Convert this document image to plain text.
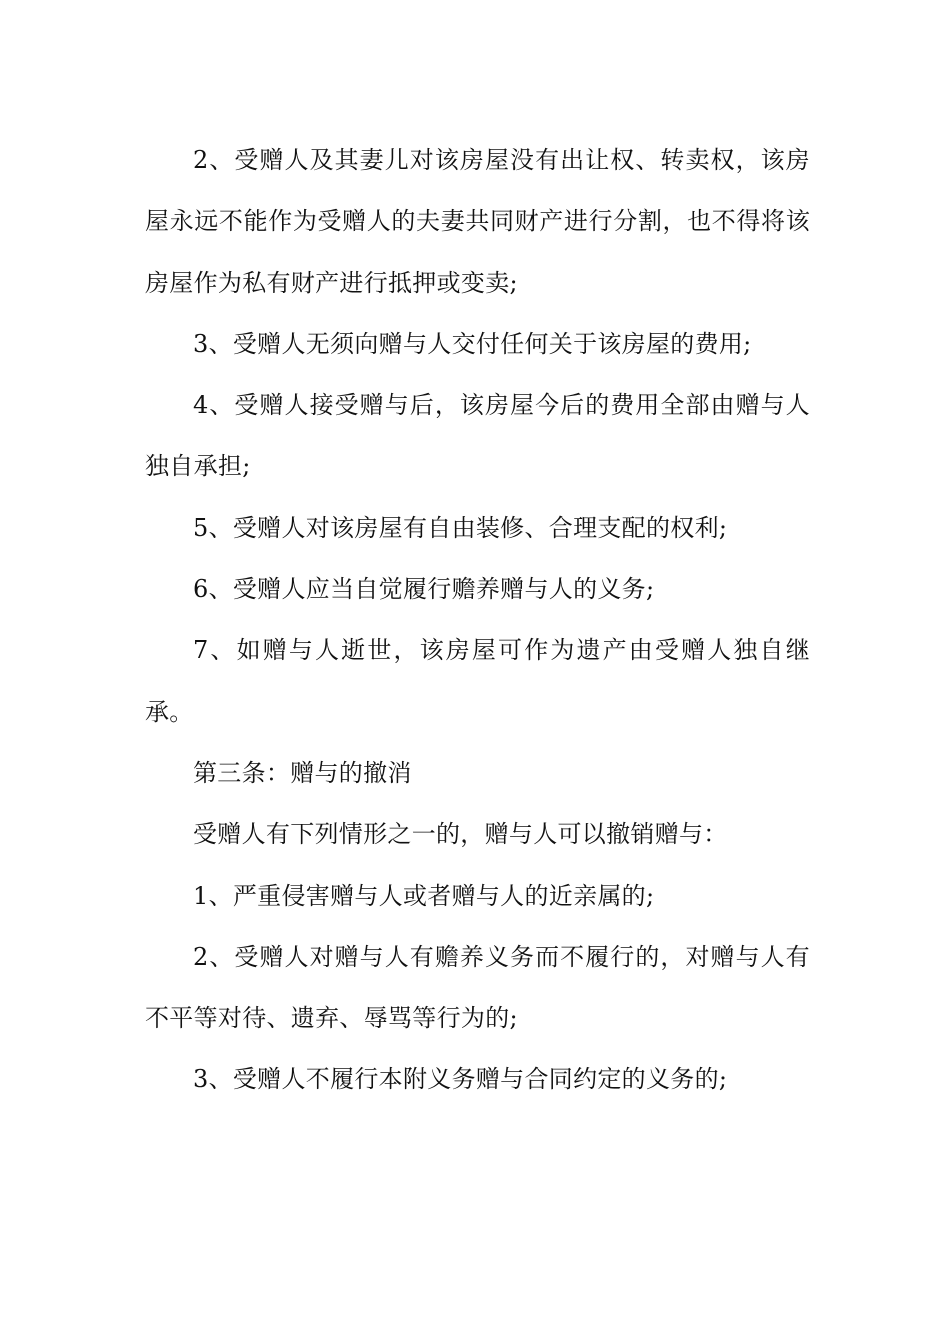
2、受赠人及其妻儿对该房屋没有出让权、转卖权，该房屋永远不能作为受赠人的夫妻共同财产进行分割，也不得将该房屋作为私有财产进行抵押或变卖;

3、受赠人无须向赠与人交付任何关于该房屋的费用;

4、受赠人接受赠与后，该房屋今后的费用全部由赠与人独自承担;

5、受赠人对该房屋有自由装修、合理支配的权利;

6、受赠人应当自觉履行赡养赠与人的义务;

7、如赠与人逝世，该房屋可作为遗产由受赠人独自继承。

第三条：赠与的撤消

受赠人有下列情形之一的，赠与人可以撤销赠与：

1、严重侵害赠与人或者赠与人的近亲属的;

2、受赠人对赠与人有赡养义务而不履行的，对赠与人有不平等对待、遗弃、辱骂等行为的;

3、受赠人不履行本附义务赠与合同约定的义务的;
